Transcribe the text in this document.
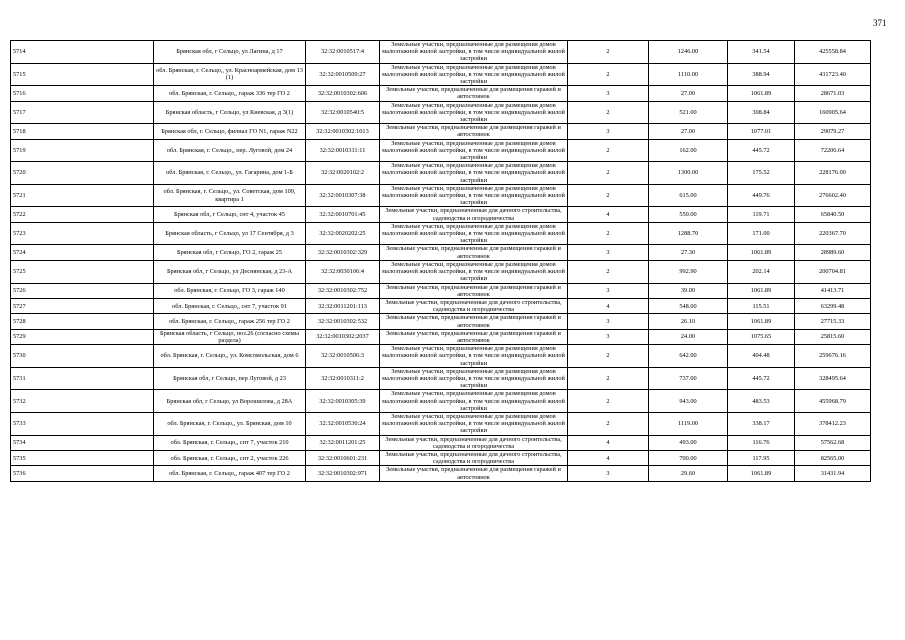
371
5714	Брянская обл, г Сельцо, ул Лагина, д 17	32:32:0010517:4	Земельные участки, предназначенные для размещения домов малоэтажной жилой застройки, в том числе индивидуальной жилой застройки	2	1246.00	341.54	425558.84
5715	обл. Брянская, г. Сельцо,, ул. Красноармейская, дом 13 (1)	32:32:0010509:27	Земельные участки, предназначенные для размещения домов малоэтажной жилой застройки, в том числе индивидуальной жилой застройки	2	1110.00	388.94	431723.40
5716	обл. Брянская, г. Сельцо,, гараж 336 тер ГО 2	32:32:0010302:606	Земельные участки, предназначенные для размещения гаражей и автостоянок	3	27.00	1061.89	28671.03
5717	Брянская область, г Сельцо, ул Киевская, д 3(1)	32:32:0010540:5	Земельные участки, предназначенные для размещения домов малоэтажной жилой застройки, в том числе индивидуальной жилой застройки	2	521.00	308.84	160905.64
5718	Брянская обл, г. Сельцо, филиал ГО N1, гараж N22	32:32:0010302:1013	Земельные участки, предназначенные для размещения гаражей и автостоянок	3	27.00	1077.01	29079.27
5719	обл. Брянская, г. Сельцо,, пер. Луговой, дом 24	32:32:0010311:11	Земельные участки, предназначенные для размещения домов малоэтажной жилой застройки, в том числе индивидуальной жилой застройки	2	162.00	445.72	72206.64
5720	обл. Брянская, г. Сельцо,, ул. Гагарина, дом 1-Б	32:32:0020102:2	Земельные участки, предназначенные для размещения домов малоэтажной жилой застройки, в том числе индивидуальной жилой застройки	2	1300.00	175.52	228176.00
5721	обл. Брянская, г. Сельцо,, ул. Советская, дом 109, квартира 1	32:32:0010307:38	Земельные участки, предназначенные для размещения домов малоэтажной жилой застройки, в том числе индивидуальной жилой застройки	2	615.00	449.76	276602.40
5722	Брянская обл, г Сельцо, снт 4, участок 45	32:32:0010701:45	Земельные участки, предназначенные для дачного строительства, садоводства и огородничества	4	550.00	119.71	65840.50
5723	Брянская область, г Сельцо, ул 17 Сентября, д 3	32:32:0020202:25	Земельные участки, предназначенные для размещения домов малоэтажной жилой застройки, в том числе индивидуальной жилой застройки	2	1288.70	171.00	220367.70
5724	Брянская обл, г Сельцо, ГО 2, гараж 25	32:32:0010302:329	Земельные участки, предназначенные для размещения гаражей и автостоянок	3	27.30	1061.89	28989.60
5725	Брянская обл, г Сельцо, ул Деснянская, д 23-А	32:32:0030106:4	Земельные участки, предназначенные для размещения домов малоэтажной жилой застройки, в том числе индивидуальной жилой застройки	2	992.90	202.14	200704.81
5726	обл. Брянская, г. Сельцо, ГО 3, гараж 140	32:32:0010302:752	Земельные участки, предназначенные для размещения гаражей и автостоянок	3	39.00	1061.89	41413.71
5727	обл. Брянская, г. Сельцо,, снт 7, участок 91	32:32:0011201:113	Земельные участки, предназначенные для дачного строительства, садоводства и огородничества	4	548.00	115.51	63299.48
5728	обл. Брянская, г. Сельцо,, гараж 256 тер ГО 2	32:32:0010302:532	Земельные участки, предназначенные для размещения гаражей и автостоянок	3	26.10	1061.89	27715.33
5729	Брянская область, г Сельцо, поз.26 (согласно схемы раздела)	32:32:0010302:2037	Земельные участки, предназначенные для размещения гаражей и автостоянок	3	24.00	1075.65	25815.60
5730	обл. Брянская, г. Сельцо,, ул. Комсомольская, дом 6	32:32:0010506:3	Земельные участки, предназначенные для размещения домов малоэтажной жилой застройки, в том числе индивидуальной жилой застройки	2	642.00	404.48	259676.16
5731	Брянская обл, г Сельцо, пер Луговой, д 23	32:32:0010311:2	Земельные участки, предназначенные для размещения домов малоэтажной жилой застройки, в том числе индивидуальной жилой застройки	2	737.00	445.72	328495.64
5732	Брянская обл, г Сельцо, ул Ворошилова, д 28А	32:32:0010305:39	Земельные участки, предназначенные для размещения домов малоэтажной жилой застройки, в том числе индивидуальной жилой застройки	2	943.00	483.53	455968.79
5733	обл. Брянская, г. Сельцо,, ул. Брянская, дом 10	32:32:0010530:24	Земельные участки, предназначенные для размещения домов малоэтажной жилой застройки, в том числе индивидуальной жилой застройки	2	1119.00	338.17	378412.23
5734	обл. Брянская, г. Сельцо,, снт 7, участок 210	32:32:0011201:25	Земельные участки, предназначенные для дачного строительства, садоводства и огородничества	4	493.00	116.76	57562.68
5735	обл. Брянская, г. Сельцо,, снт 2, участок 226	32:32:0010601:231	Земельные участки, предназначенные для дачного строительства, садоводства и огородничества	4	700.00	117.95	82565.00
5736	обл. Брянская, г. Сельцо,, гараж 407 тер ГО 2	32:32:0010302:971	Земельные участки, предназначенные для размещения гаражей и автостоянок	3	29.60	1061.89	31431.94
